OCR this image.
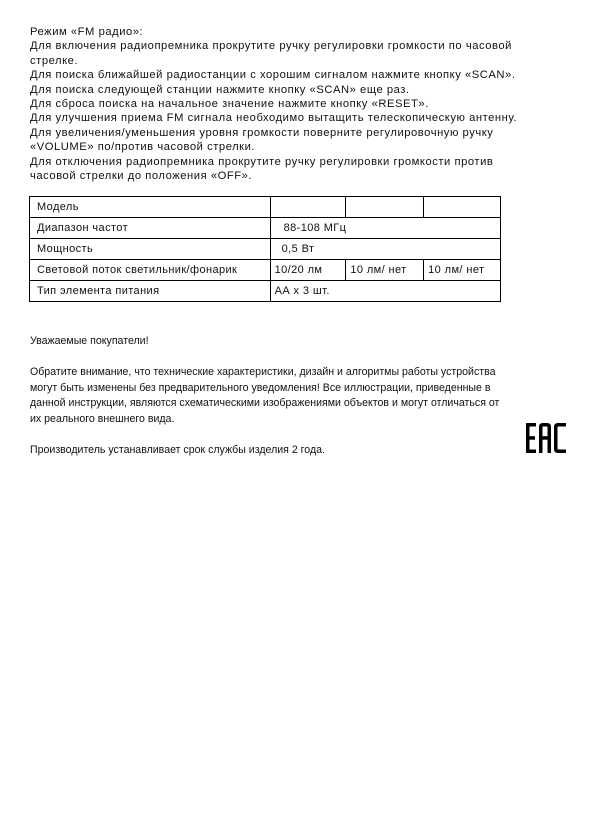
Режим «FM радио»:
Для включения радиопремника прокрутите ручку регулировки громкости по часовой
стрелке.
Для поиска ближайшей радиостанции с хорошим сигналом нажмите кнопку «SCAN».
Для поиска следующей станции нажмите кнопку «SCAN» еще раз.
Для сброса поиска на начальное значение нажмите кнопку «RESET».
Для улучшения приема FM сигнала необходимо вытащить телескопическую антенну.
Для увеличения/уменьшения уровня громкости поверните регулировочную ручку
«VOLUME» по/против часовой стрелки.
Для отключения радиопремника прокрутите ручку регулировки громкости против
часовой стрелки до положения «OFF».
Модель			
Диапазон частот	88-108 МГц		
Мощность	0,5 Вт		
Световой поток светильник/фонарик	10/20 лм	10 лм/ нет	10 лм/ нет
Тип элемента питания	АА х 3 шт.		

Уважаемые покупатели!

Обратите внимание, что технические характеристики, дизайн и алгоритмы работы устройства
могут быть изменены без предварительного уведомления! Все иллюстрации, приведенные в
данной инструкции, являются схематическими изображениями объектов и могут отличаться от
их реального внешнего вида.

Производитель устанавливает срок службы изделия 2 года.
